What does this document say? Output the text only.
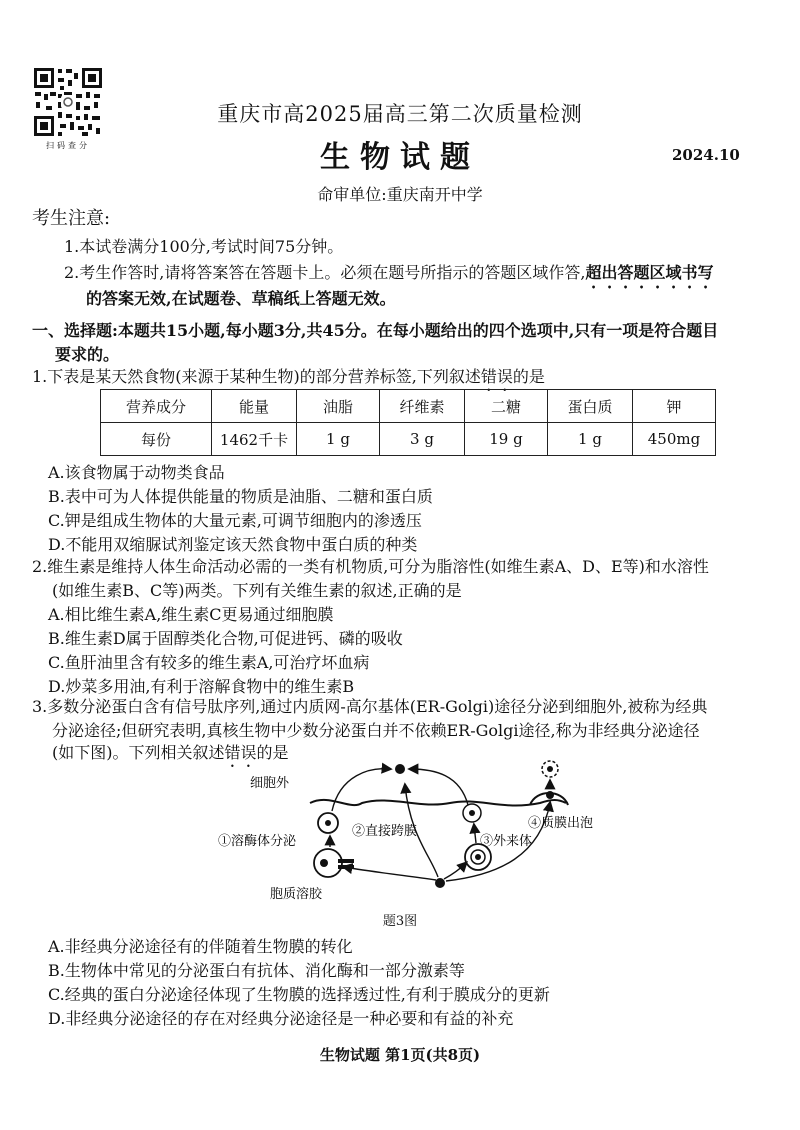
扫码查分
重庆市高2025届高三第二次质量检测
生物试题	2024.10
命审单位:重庆南开中学
考生注意:
1.本试卷满分100分,考试时间75分钟。
2.考生作答时,请将答案答在答题卡上。必须在题号所指示的答题区域作答,超出答题区域书写
的答案无效,在试题卷、草稿纸上答题无效。
一、选择题:本题共15小题,每小题3分,共45分。在每小题给出的四个选项中,只有一项是符合题目
要求的。
1.下表是某天然食物(来源于某种生物)的部分营养标签,下列叙述错误的是
营养成分	能量	油脂	纤维素	二糖	蛋白质	钾
每份	1462千卡	1 g	3 g	19 g	1 g	450mg
A.该食物属于动物类食品
B.表中可为人体提供能量的物质是油脂、二糖和蛋白质
C.钾是组成生物体的大量元素,可调节细胞内的渗透压
D.不能用双缩脲试剂鉴定该天然食物中蛋白质的种类
2.维生素是维持人体生命活动必需的一类有机物质,可分为脂溶性(如维生素A、D、E等)和水溶性
(如维生素B、C等)两类。下列有关维生素的叙述,正确的是
A.相比维生素A,维生素C更易通过细胞膜
B.维生素D属于固醇类化合物,可促进钙、磷的吸收
C.鱼肝油里含有较多的维生素A,可治疗坏血病
D.炒菜多用油,有利于溶解食物中的维生素B
3.多数分泌蛋白含有信号肽序列,通过内质网-高尔基体(ER-Golgi)途径分泌到细胞外,被称为经典
分泌途径;但研究表明,真核生物中少数分泌蛋白并不依赖ER-Golgi途径,称为非经典分泌途径
(如下图)。下列相关叙述错误的是
细胞外
胞质溶胶
①溶酶体分泌
②直接跨膜
③外来体
④质膜出泡
题3图
A.非经典分泌途径有的伴随着生物膜的转化
B.生物体中常见的分泌蛋白有抗体、消化酶和一部分激素等
C.经典的蛋白分泌途径体现了生物膜的选择透过性,有利于膜成分的更新
D.非经典分泌途径的存在对经典分泌途径是一种必要和有益的补充
生物试题 第1页(共8页)
